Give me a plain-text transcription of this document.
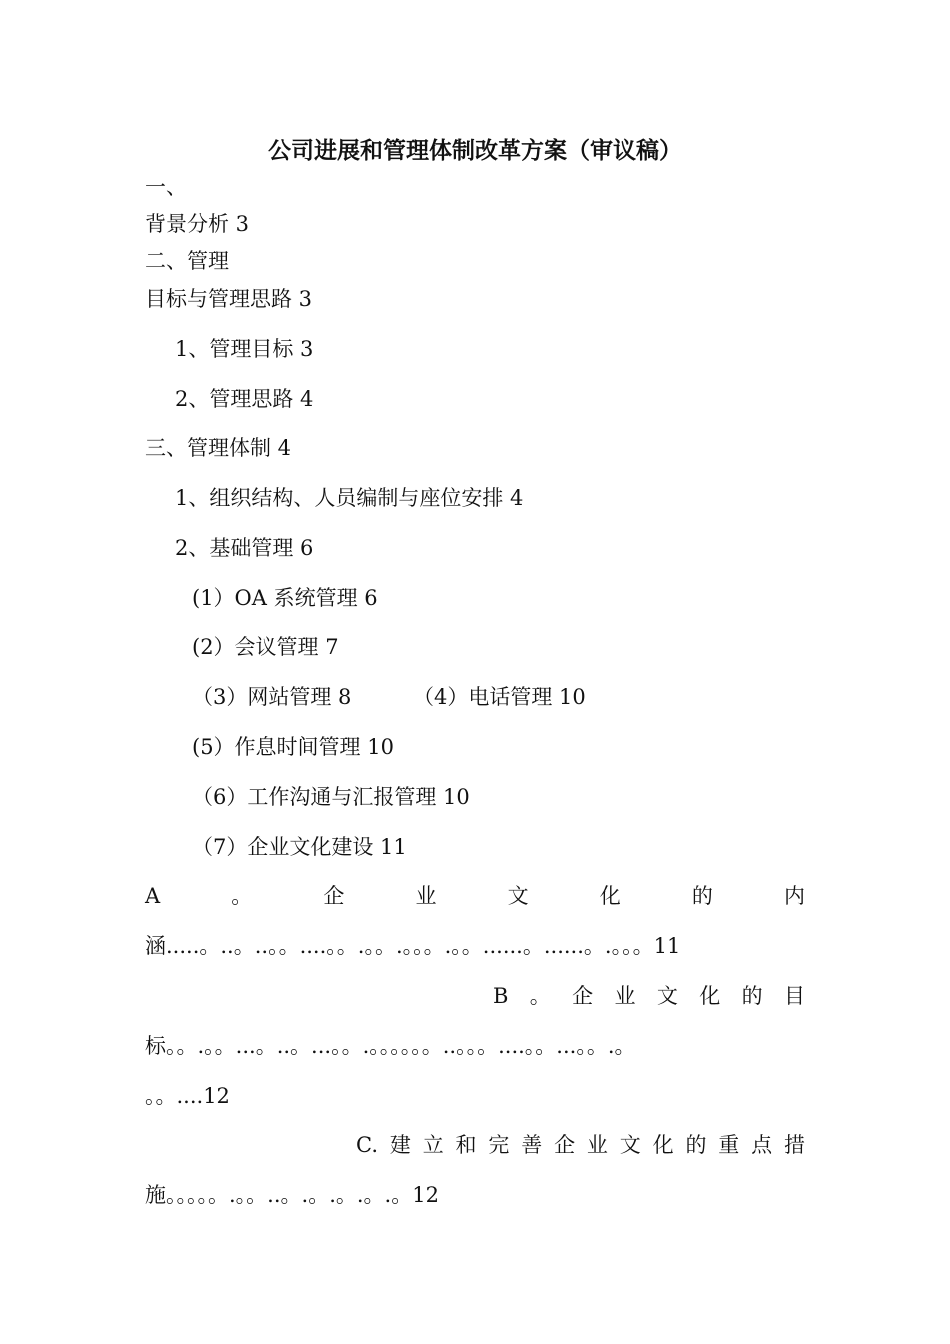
公司进展和管理体制改革方案（审议稿）
一、
背景分析 3
二、管理
目标与管理思路 3
1、管理目标 3
2、管理思路 4
三、管理体制 4
1、组织结构、人员编制与座位安排 4
2、基础管理 6
(1）OA 系统管理 6
(2）会议管理 7
（3）网站管理 8	（4）电话管理 10
(5）作息时间管理 10
（6）工作沟通与汇报管理 10
（7）企业文化建设 11
A	。	企	业	文	化	的	内
涵.....。..。..。。....。。.。。.。。。.。。......。......。.。。。11
B 。 企 业 文 化 的 目
标。。.。。...。..。...。。.。。。。。。..。。。....。。...。。.。
。。....12
C. 建 立 和 完 善 企 业 文 化 的 重 点 措
施。。。。。.。。..。.。.。.。.。12
